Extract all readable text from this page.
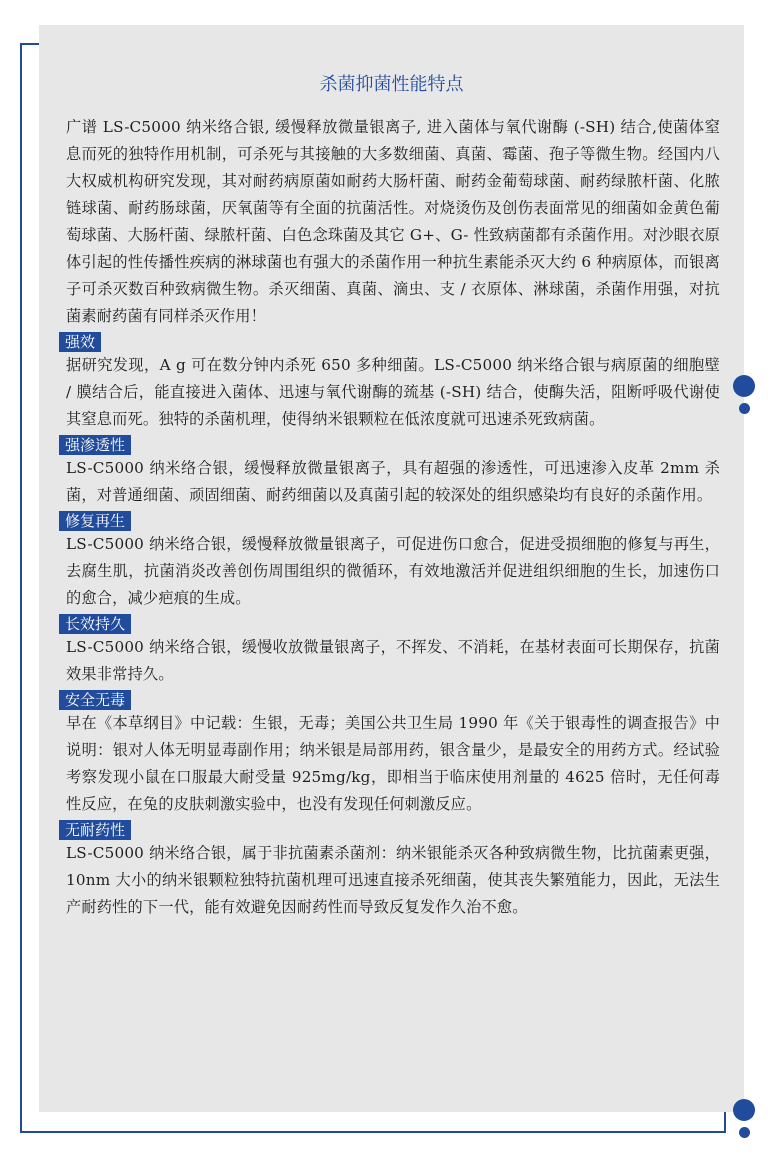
杀菌抑菌性能特点

广谱 LS-C5000 纳米络合银, 缓慢释放微量银离子, 进入菌体与氧代谢酶 (-SH) 结合,使菌体窒息而死的独特作用机制，可杀死与其接触的大多数细菌、真菌、霉菌、孢子等微生物。经国内八大权威机构研究发现，其对耐药病原菌如耐药大肠杆菌、耐药金葡萄球菌、耐药绿脓杆菌、化脓链球菌、耐药肠球菌，厌氧菌等有全面的抗菌活性。对烧烫伤及创伤表面常见的细菌如金黄色葡萄球菌、大肠杆菌、绿脓杆菌、白色念珠菌及其它 G+、G- 性致病菌都有杀菌作用。对沙眼衣原体引起的性传播性疾病的淋球菌也有强大的杀菌作用一种抗生素能杀灭大约 6 种病原体，而银离子可杀灭数百种致病微生物。杀灭细菌、真菌、滴虫、支 / 衣原体、淋球菌，杀菌作用强，对抗菌素耐药菌有同样杀灭作用！

强效

据研究发现，A g 可在数分钟内杀死 650 多种细菌。LS-C5000 纳米络合银与病原菌的细胞壁 / 膜结合后，能直接进入菌体、迅速与氧代谢酶的巯基 (-SH) 结合，使酶失活，阻断呼吸代谢使其窒息而死。独特的杀菌机理，使得纳米银颗粒在低浓度就可迅速杀死致病菌。

强渗透性

LS-C5000 纳米络合银，缓慢释放微量银离子，具有超强的渗透性，可迅速渗入皮革 2mm 杀菌，对普通细菌、顽固细菌、耐药细菌以及真菌引起的较深处的组织感染均有良好的杀菌作用。

修复再生

LS-C5000 纳米络合银，缓慢释放微量银离子，可促进伤口愈合，促进受损细胞的修复与再生，去腐生肌，抗菌消炎改善创伤周围组织的微循环，有效地激活并促进组织细胞的生长，加速伤口的愈合，减少疤痕的生成。

长效持久

LS-C5000 纳米络合银，缓慢收放微量银离子，不挥发、不消耗，在基材表面可长期保存，抗菌效果非常持久。

安全无毒

早在《本草纲目》中记载：生银，无毒；美国公共卫生局 1990 年《关于银毒性的调查报告》中说明：银对人体无明显毒副作用；纳米银是局部用药，银含量少，是最安全的用药方式。经试验考察发现小鼠在口服最大耐受量 925mg/kg，即相当于临床使用剂量的 4625 倍时，无任何毒性反应，在兔的皮肤刺激实验中，也没有发现任何刺激反应。

无耐药性

LS-C5000 纳米络合银，属于非抗菌素杀菌剂：纳米银能杀灭各种致病微生物，比抗菌素更强，10nm 大小的纳米银颗粒独特抗菌机理可迅速直接杀死细菌，使其丧失繁殖能力，因此，无法生产耐药性的下一代，能有效避免因耐药性而导致反复发作久治不愈。
